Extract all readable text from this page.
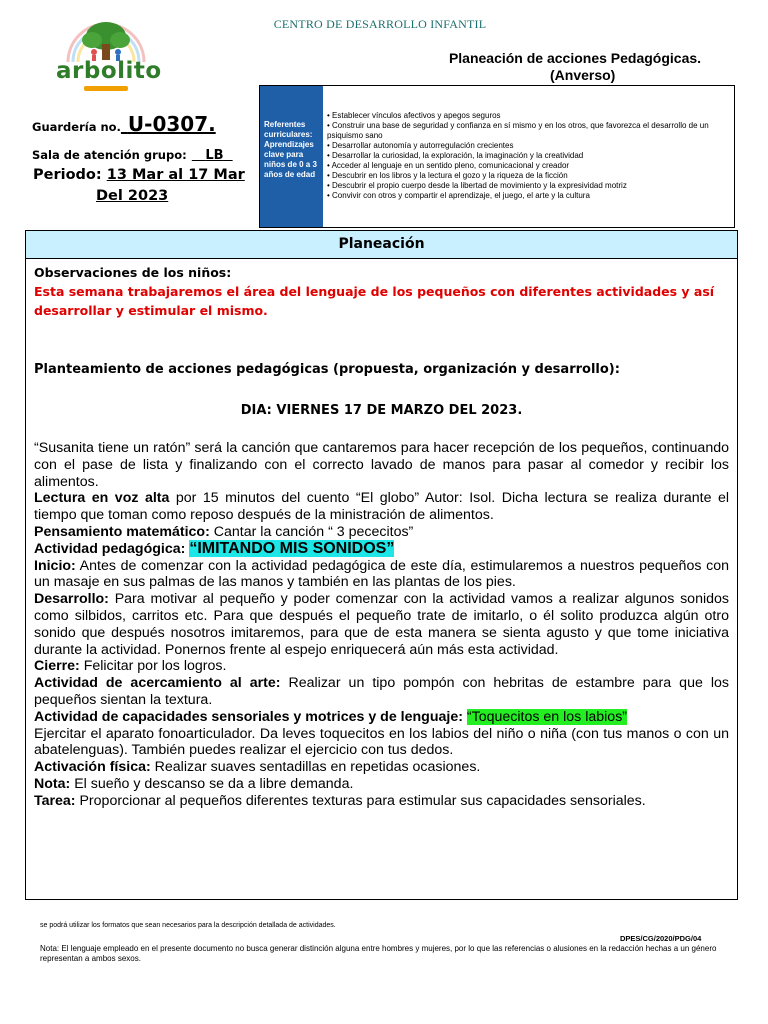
CENTRO DE DESARROLLO INFANTIL
arbolito	Planeación de acciones Pedagógicas.
(Anverso)
Guardería no. U-0307.
Sala de atención grupo: LB
Periodo: 13 Mar al 17 Mar
Del 2023
Referentes curriculares: Aprendizajes clave para niños de 0 a 3 años de edad
• Establecer vínculos afectivos y apegos seguros
• Construir una base de seguridad y confianza en sí mismo y en los otros, que favorezca el desarrollo de un psiquismo sano
• Desarrollar autonomía y autorregulación crecientes
• Desarrollar la curiosidad, la exploración, la imaginación y la creatividad
• Acceder al lenguaje en un sentido pleno, comunicacional y creador
• Descubrir en los libros y la lectura el gozo y la riqueza de la ficción
• Descubrir el propio cuerpo desde la libertad de movimiento y la expresividad motriz
• Convivir con otros y compartir el aprendizaje, el juego, el arte y la cultura
Planeación
Observaciones de los niños:
Esta semana trabajaremos el área del lenguaje de los pequeños con diferentes actividades y así desarrollar y estimular el mismo.
Planteamiento de acciones pedagógicas (propuesta, organización y desarrollo):
DIA: VIERNES 17 DE MARZO DEL 2023.
“Susanita tiene un ratón” será la canción que cantaremos para hacer recepción de los pequeños, continuando con el pase de lista y finalizando con el correcto lavado de manos para pasar al comedor y recibir los alimentos.
Lectura en voz alta por 15 minutos del cuento “El globo” Autor: Isol. Dicha lectura se realiza durante el tiempo que toman como reposo después de la ministración de alimentos.
Pensamiento matemático: Cantar la canción “ 3 pececitos”
Actividad pedagógica: “IMITANDO MIS SONIDOS”
Inicio: Antes de comenzar con la actividad pedagógica de este día, estimularemos a nuestros pequeños con un masaje en sus palmas de las manos y también en las plantas de los pies.
Desarrollo: Para motivar al pequeño y poder comenzar con la actividad vamos a realizar algunos sonidos como silbidos, carritos etc. Para que después el pequeño trate de imitarlo, o él solito produzca algún otro sonido que después nosotros imitaremos, para que de esta manera se sienta agusto y que tome iniciativa durante la actividad. Ponernos frente al espejo enriquecerá aún más esta actividad.
Cierre: Felicitar por los logros.
Actividad de acercamiento al arte: Realizar un tipo pompón con hebritas de estambre para que los pequeños sientan la textura.
Actividad de capacidades sensoriales y motrices y de lenguaje: “Toquecitos en los labios”
Ejercitar el aparato fonoarticulador. Da leves toquecitos en los labios del niño o niña (con tus manos o con un abatelenguas). También puedes realizar el ejercicio con tus dedos.
Activación física: Realizar suaves sentadillas en repetidas ocasiones.
Nota: El sueño y descanso se da a libre demanda.
Tarea: Proporcionar al pequeños diferentes texturas para estimular sus capacidades sensoriales.
se podrá utilizar los formatos que sean necesarios para la descripción detallada de actividades.
DPES/CG/2020/PDG/04
Nota: El lenguaje empleado en el presente documento no busca generar distinción alguna entre hombres y mujeres, por lo que las referencias o alusiones en la redacción hechas a un género representan a ambos sexos.
